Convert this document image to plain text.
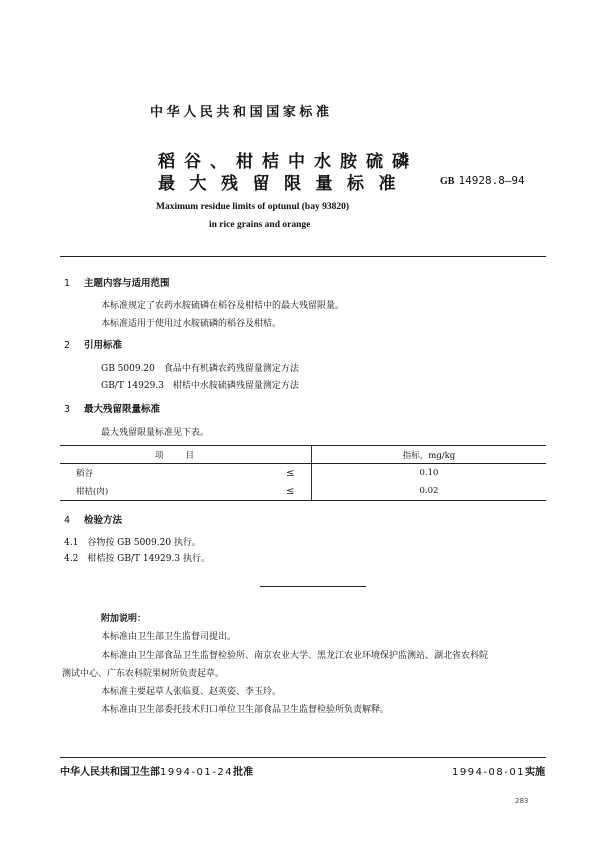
中华人民共和国国家标准
稻谷、柑桔中水胺硫磷
最大残留限量标准	GB 14928.8—94
Maximum residue limits of optunul (bay 93820)
in rice grains and orange
1 主题内容与适用范围
本标准规定了农药水胺硫磷在稻谷及柑桔中的最大残留限量。
本标准适用于使用过水胺硫磷的稻谷及柑桔。
2 引用标准
GB 5009.20　食品中有机磷农药残留量测定方法
GB/T 14929.3　柑桔中水胺硫磷残留量测定方法
3 最大残留限量标准
最大残留限量标准见下表。
项目	指标，mg/kg
稻谷	≤	0.10
柑桔(肉)	≤	0.02
4 检验方法
4.1　谷物按 GB 5009.20 执行。
4.2　柑桔按 GB/T 14929.3 执行。
附加说明：
本标准由卫生部卫生监督司提出。
本标准由卫生部食品卫生监督检验所、南京农业大学、黑龙江农业环境保护监测站、湖北省农科院
测试中心、广东农科院果树所负责起草。
本标准主要起草人张临夏、赵英姿、李玉玲。
本标准由卫生部委托技术归口单位卫生部食品卫生监督检验所负责解释。
中华人民共和国卫生部1994-01-24批准	1994-08-01实施
283
